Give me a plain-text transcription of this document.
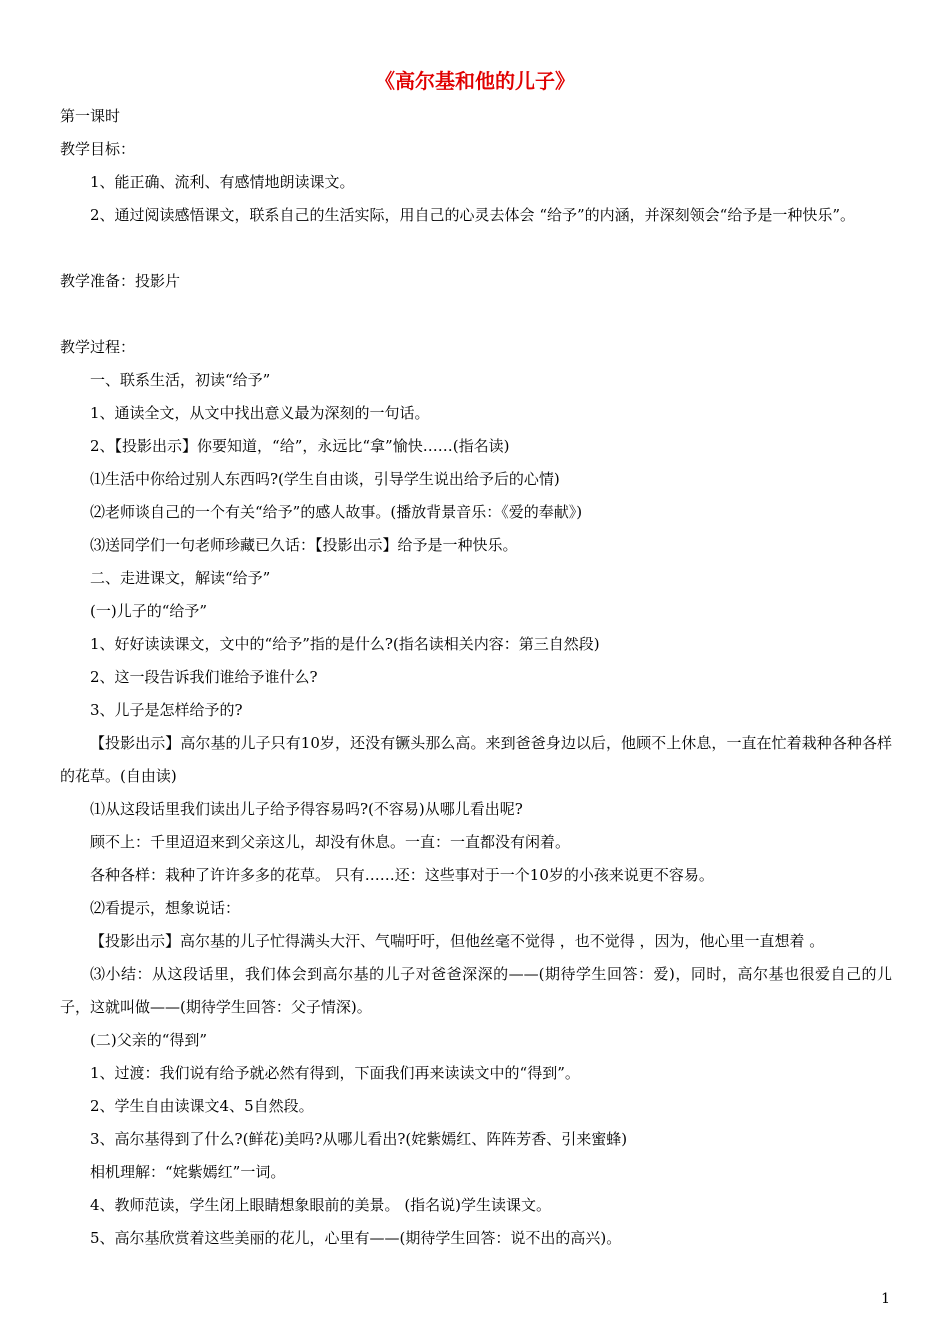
《高尔基和他的儿子》
第一课时
教学目标：
1、能正确、流利、有感情地朗读课文。
2、通过阅读感悟课文，联系自己的生活实际，用自己的心灵去体会 “给予”的内涵，并深刻领会“给予是一种快乐”。
教学准备：投影片
教学过程：
一、联系生活，初读“给予”
1、通读全文，从文中找出意义最为深刻的一句话。
2、【投影出示】你要知道，“给”，永远比“拿”愉快……(指名读)
⑴生活中你给过别人东西吗?(学生自由谈，引导学生说出给予后的心情)
⑵老师谈自己的一个有关“给予”的感人故事。(播放背景音乐：《爱的奉献》)
⑶送同学们一句老师珍藏已久话：【投影出示】给予是一种快乐。
二、走进课文，解读“给予”
(一)儿子的“给予”
1、好好读读课文，文中的“给予”指的是什么?(指名读相关内容：第三自然段)
2、这一段告诉我们谁给予谁什么?
3、儿子是怎样给予的?
【投影出示】高尔基的儿子只有10岁，还没有镢头那么高。来到爸爸身边以后，他顾不上休息，一直在忙着栽种各种各样的花草。(自由读)
⑴从这段话里我们读出儿子给予得容易吗?(不容易)从哪儿看出呢?
顾不上：千里迢迢来到父亲这儿，却没有休息。一直：一直都没有闲着。
各种各样：栽种了许许多多的花草。 只有……还：这些事对于一个10岁的小孩来说更不容易。
⑵看提示，想象说话：
【投影出示】高尔基的儿子忙得满头大汗、气喘吁吁，但他丝毫不觉得 ，也不觉得 ，因为，他心里一直想着 。
⑶小结：从这段话里，我们体会到高尔基的儿子对爸爸深深的——(期待学生回答：爱)，同时，高尔基也很爱自己的儿子，这就叫做——(期待学生回答：父子情深)。
(二)父亲的“得到”
1、过渡：我们说有给予就必然有得到，下面我们再来读读文中的“得到”。
2、学生自由读课文4、5自然段。
3、高尔基得到了什么?(鲜花)美吗?从哪儿看出?(姹紫嫣红、阵阵芳香、引来蜜蜂)
相机理解：“姹紫嫣红”一词。
4、教师范读，学生闭上眼睛想象眼前的美景。 (指名说)学生读课文。
5、高尔基欣赏着这些美丽的花儿，心里有——(期待学生回答：说不出的高兴)。
1
